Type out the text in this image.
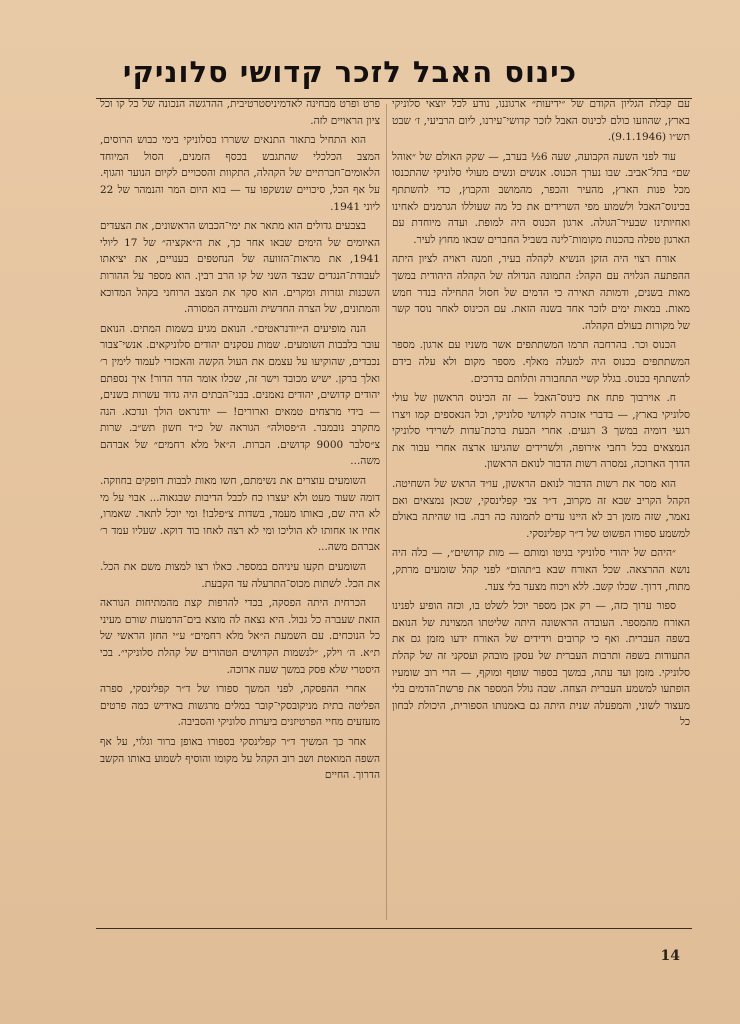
כינוס האבל לזכר קדושי סלוניקי

עם קבלת הגליון הקודם של ״ידיעות״ ארגוננו, נודע לכל יוצאי סלוניקי בארץ, שהוזעו כולם לכינוס האבל לזכר קדושי־עירנו, ליום הרביעי, ז׳ שבט תש״ו (9.1.1946).

עוד לפני השעה הקבועה, שעה 6½ בערב, — שקק האולם של ״אוהל שם״ בתל־אביב. שבו נערך הכנוס. אנשים ונשים מעולי סלוניקי שהתכנסו מכל פנות הארץ, מהעיר והכפר, מהמושב והקבוץ, כדי להשתתף בכינוס־האבל ולשמוע מפי השרידים את כל מה שעוללו הגרמנים לאחינו ואחיותינו שבעיר־הגולה. ארגון הכנוס היה למופת. ועדה מיוחדת עם הארגון טפלה בהכנות מקומות־לינה בשביל החברים שבאו מחוץ לעיר.

אורח רצוי היה הזקן הנשיא לקהלה בעיר, וזמנה ראויה לציון היתה ההפתעה הגלויה עם הקהל: התמונה הגדולה של הקהלה היהודית במשך מאות בשנים, ודמותה תאירה כי הדמים של חסול התחילה בנדר חמש מאות. במאות ימים לזכר אחד בשנה הזאת. עם הכינוס לאחר נוסד קשר של מקורות בעולם הקהלה.

הכנוס וכר. בהרחבה תרמו המשתתפים אשר משניו עם ארגון. מספר המשתתפים בכנוס היה למעלה מאלף. מספר מקום ולא עלה בידם להשתתף בכנוס. בגלל קשיי התחבורה ותלותם בדרכים.

ח. אוירבוך פתח את כינוס־האבל — זה הכינוס הראשון של עולי סלוניקי בארץ, — בדברי אזכרה לקדושי סלוניקי, וכל הנאספים קמו ויצרו רגעי דומיה במשך 3 רגעים. אחרי הבעת ברכת־עדות לשרידי סלוניקי הנמצאים בכל רחבי אירופה, ולשרידים שהגיעו ארצה אחרי עבור את הדרך הארוכה, נמסרה רשות הדבור לנואם הראשון.

הוא מסר את רשות הדבור לנואם הראשון, עו״ד הראש של השחיטה. הקהל הקריב שבא זה מקרוב, ד״ר צבי קפלינסקי, שכאן נמצאים ואם נאמר, שזה מזמן רב לא היינו עדים לתמונה כה רבה. בזו שהיתה באולם למשמע ספורו הפשוט של ד״ר קפלינסקי.

״היהם של יהודי סלוניקי בגיטו ומותם — מות קדושים״, — כלה היה נושא ההרצאה. שכל האורח שבא ב״תהום״ לפני קהל שומעים מרתק, מתוח, דרוך. שכלו קשב. ללא ויכוח מצער בלי צער.

ספור ערוך כזה, — רק אכן מספר יוכל לשלט בו, וכזה הופיע לפנינו האורח מהמספר. העובדה הראשונה היתה שליטתו המצוינת של הנואם בשפה העברית. ואף כי קרובים וידידים של האורח ידעו מזמן גם את התעודות בשפה ותרבות העברית של עסקן מובהק ועסקני זה של קהלת סלוניקי. מזמן ועד עתה, במשך בספור שוטף ומוקף, — הרי רוב שומעיו הופתעו למשמע העברית הצחה. שבה גולל המספר את פרשת־הדמים בלי מעצור לשוני, והמפעלה שנית היתה גם באמנותו הספורית, היכולת לבחון כל

פרט ופרט מבחינה לאדמיניסטרטיבית, ההדגשה הנכונה של כל קו וכל ציון הראויים לזה.

הוא התחיל בתאור התנאים ששררו בסלוניקי בימי כבוש הרוסים, המצב הכלכלי שהתגבש בכסף הזמנים, הסול המיוחד הלאומים־חברתיים של הקהלה, התקוות והסכויים לקיום הנוער והגוף. על אף הכל, סיכויים שנשקפו עד — בוא היום המר והנמהר של 22 ליוני 1941.

בצבעים גדולים הוא מתאר את ימי־הכבוש הראשונים, את הצעדים האיומים של הימים שבאו אחר כך, את ה״אקציה״ של 17 ליולי 1941, את מראות־הזוועה של הנחטפים בענויים, את יציאתו לעבודת־הנגדים שבצד השני של קו הרב רבין. הוא מספר על ההורות השכנות וגזרות ומקרים. הוא סקר את המצב הרוחני בקהל המדוכא והמתונים, של הצרה החדשית והעמידה המסורה.

הנה מופיעים ה״יודנראטים״. הנואם מגיע בשמות המתים. הנואם עובר בלבבות השומעים. שמות עסקנים יהודים סלוניקאים. אנשי־צבור נכבדים, שהוקיעו על עצמם את העול הקשה והאכזרי לעמוד לימין ר׳ ואלך ברקן. ישיש מכובד וישר זה, שכלו אומר הדר הדור! איך נספתם יהודים קדושים, יהודים נאמנים. בבני־הבתים היה גדוד עשרות בשנים, — בידי מרצחים טמאים וארורים! — יודנראט הולך ונדכא. הנה מתקרב נובמבר. ה״פסולה״ הגוראה של כ״ד חשון תש״ב. שרות צ״סלבר 9000 קדושים. הברות. ה״אל מלא רחמים״ של אברהם משה...

השומעים עוצרים את נשימתם, חשו מאות לבבות דופקים בחוזקה. דומה שעוד מעט ולא יעצרו כח לכבל הדיבות שבגאוה... אבוי על מי לא היה שם, באותו מעמד, בשדות צ״פלבו! ומי יוכל לתאר. שאמרו, אחיו או אחותו לא הוליכו ומי לא רצה לאחו בוד דוקא. שעליו עמד ר׳ אברהם משה...

השומעים תקעו עיניהם במספר. כאלו רצו למצות משם את הכל. את הכל. לשתות מכוס־התרעלה עד הקבעת.

הכרחית היתה הפסקה, בכדי להרפות קצת מהמתיחות הנוראה הזאת שעברה כל גבול. היא נצאה לה מוצא בים־הדמעות שורם מעיני כל הנוכחים. עם השמעת ה״אל מלא רחמים״ ע״י החזן הראשי של ת״א. ה׳ וילק, ״לנשמות הקדושים הטהורים של קהלת סלוניקי״. בכי היסטרי שלא פסק במשך שעה ארוכה.

אחרי ההפסקה, לפני המשך ספורו של ד״ר קפלינסקי, ספרה הפליטה בתית מניקובסקי־קובר במלים מרגשות באידיש כמה פרטים מזעזעים מחיי הפרטיזנים ביערות סלוניקי והסביבה.

אחר כך המשיך ד״ר קפלינסקי בספורו באופן ברור וגלוי, על אף השפה המואטת ושב רוב הקהל על מקומו והוסיף לשמוע באותו הקשב הדרוך. החיים

14
